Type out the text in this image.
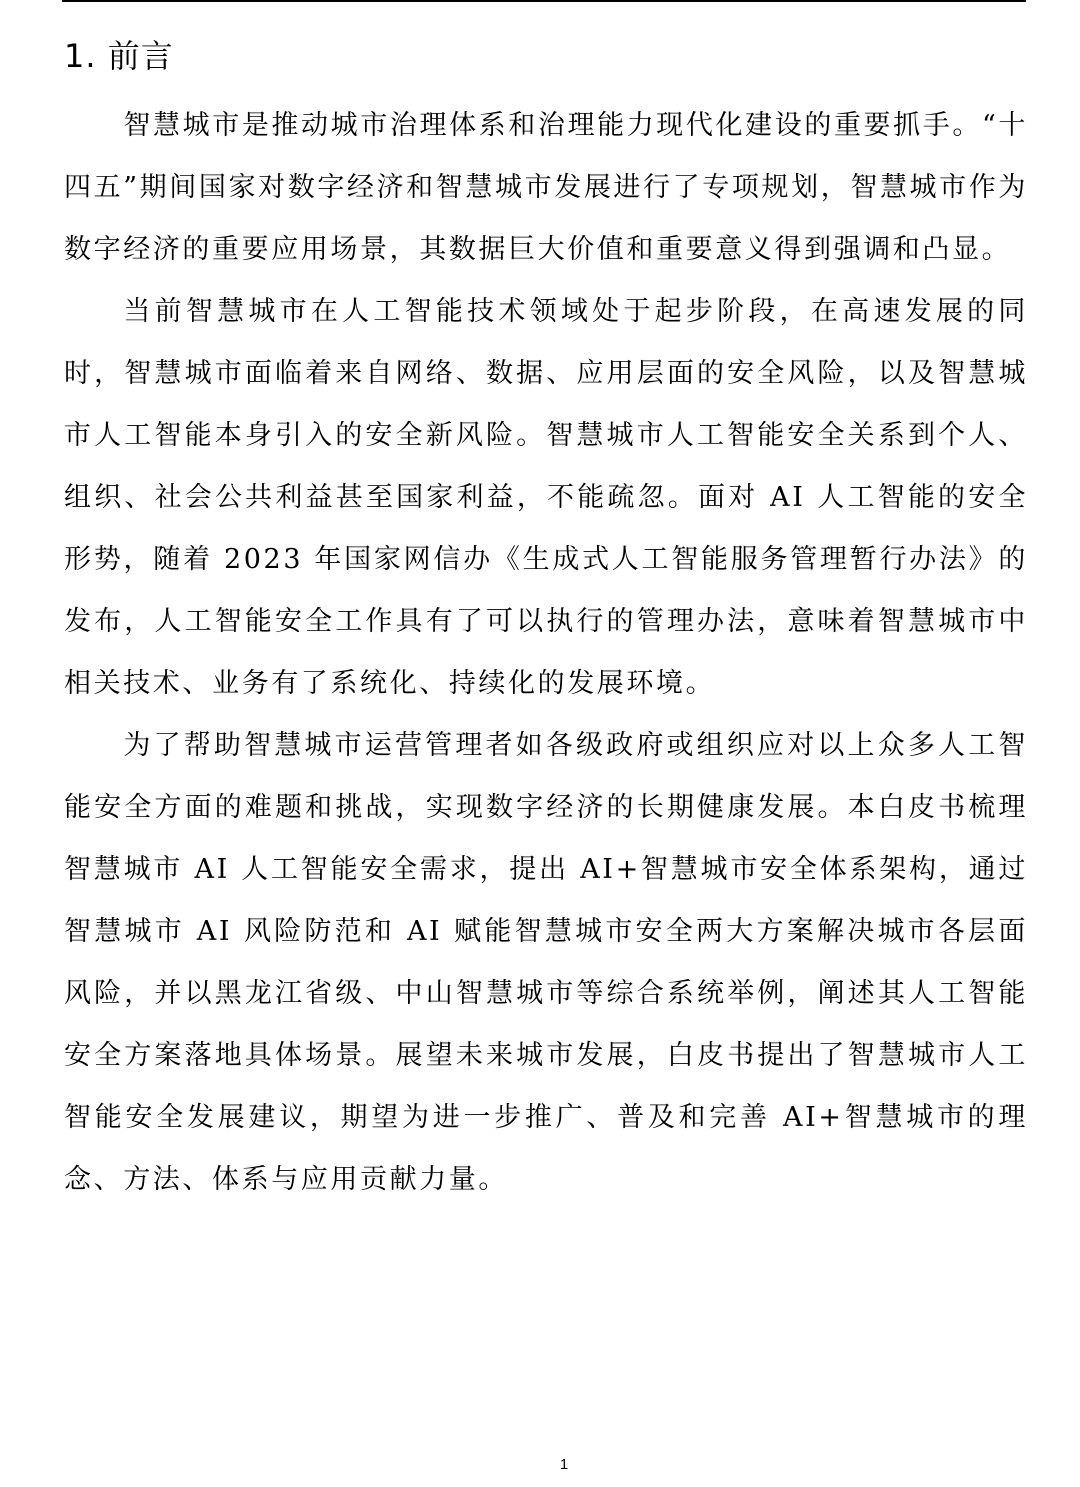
1. 前言

智慧城市是推动城市治理体系和治理能力现代化建设的重要抓手。“十四五”期间国家对数字经济和智慧城市发展进行了专项规划，智慧城市作为数字经济的重要应用场景，其数据巨大价值和重要意义得到强调和凸显。

当前智慧城市在人工智能技术领域处于起步阶段，在高速发展的同时，智慧城市面临着来自网络、数据、应用层面的安全风险，以及智慧城市人工智能本身引入的安全新风险。智慧城市人工智能安全关系到个人、组织、社会公共利益甚至国家利益，不能疏忽。面对 AI 人工智能的安全形势，随着 2023 年国家网信办《生成式人工智能服务管理暂行办法》的发布，人工智能安全工作具有了可以执行的管理办法，意味着智慧城市中相关技术、业务有了系统化、持续化的发展环境。

为了帮助智慧城市运营管理者如各级政府或组织应对以上众多人工智能安全方面的难题和挑战，实现数字经济的长期健康发展。本白皮书梳理智慧城市 AI 人工智能安全需求，提出 AI+智慧城市安全体系架构，通过智慧城市 AI 风险防范和 AI 赋能智慧城市安全两大方案解决城市各层面风险，并以黑龙江省级、中山智慧城市等综合系统举例，阐述其人工智能安全方案落地具体场景。展望未来城市发展，白皮书提出了智慧城市人工智能安全发展建议，期望为进一步推广、普及和完善 AI+智慧城市的理念、方法、体系与应用贡献力量。

1
